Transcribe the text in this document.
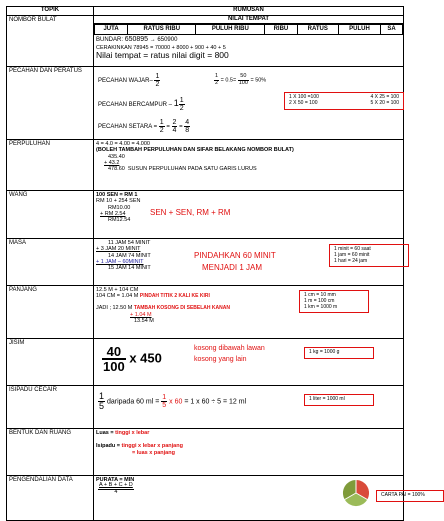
TOPIK	RUMUSAN
NOMBOR BULAT	NILAI TEMPAT
JUTA	RATUS RIBU	PULUH RIBU	RIBU	RATUS	PULUH	SA
BUNDAR: 650895 → 650900
CERAKINKAN 78945 = 70000 + 8000 + 900 + 40 + 5
Nilai tempat = ratus nilai digit = 800

PECAHAN DAN PERATUS	
PECAHAN WAJAR– $\frac{1}{2}$	$\frac{1}{2} = 0.5= \frac{50}{100} = 50\%$
PECAHAN BERCAMPUR – $1 \frac{1}{2}$
PECAHAN SETARA = $\frac{1}{2} = \frac{2}{4} = \frac{4}{8}$
1 X 100 =100	4 X 25 = 100
2 X 50 = 100	5 X 20 = 100

PERPULUHAN	4 = 4.0 = 4.00 = 4.000
(BOLEH TAMBAH PERPULUHAN DAN SIFAR BELAKANG NOMBOR BULAT)
435.40
+ 43.2
478.60 SUSUN PERPULUHAN PADA SATU GARIS LURUS

WANG	100 SEN = RM 1
RM 10 + 254 SEN
RM10.00
+ RM 2.54
RM12.54
SEN + SEN, RM + RM

MASA	11 JAM 54 MINIT
+ 3 JAM 20 MINIT
14 JAM 74 MINIT
+ 1 JAM – 60MINIT
15 JAM 14 MINIT
PINDAHKAN 60 MINIT
MENJADI 1 JAM
1 minit = 60 saat
1 jam = 60 minit
1 hari = 24 jam

PANJANG	12.5 M + 104 CM
104 CM = 1.04 M PINDAH TITIK 2 KALI KE KIRI
JADI ; 12.50 M TAMBAH KOSONG DI SEBELAH KANAN
+ 1.04 M
13.54 M
1 cm = 10 mm
1 m = 100 cm
1 km = 1000 m

JISIM	
$\frac{40}{100}$ x 450
kosong dibawah lawan
kosong yang lain
1 kg = 1000 g

ISIPADU CECAIR	
$\frac{1}{5}$ daripada 60 ml = $\frac{1}{5}$ x 60 = 1 x 60 ÷ 5 = 12 ml	1 liter = 1000 ml

BENTUK DAN RUANG	Luas = tinggi x lebar
Isipadu = tinggi x lebar x panjang
= luas x panjang

PENGENDALIAN DATA	PURATA = MIN
$\frac{A + B + C + D}{4}$	CARTA PAI = 100%
